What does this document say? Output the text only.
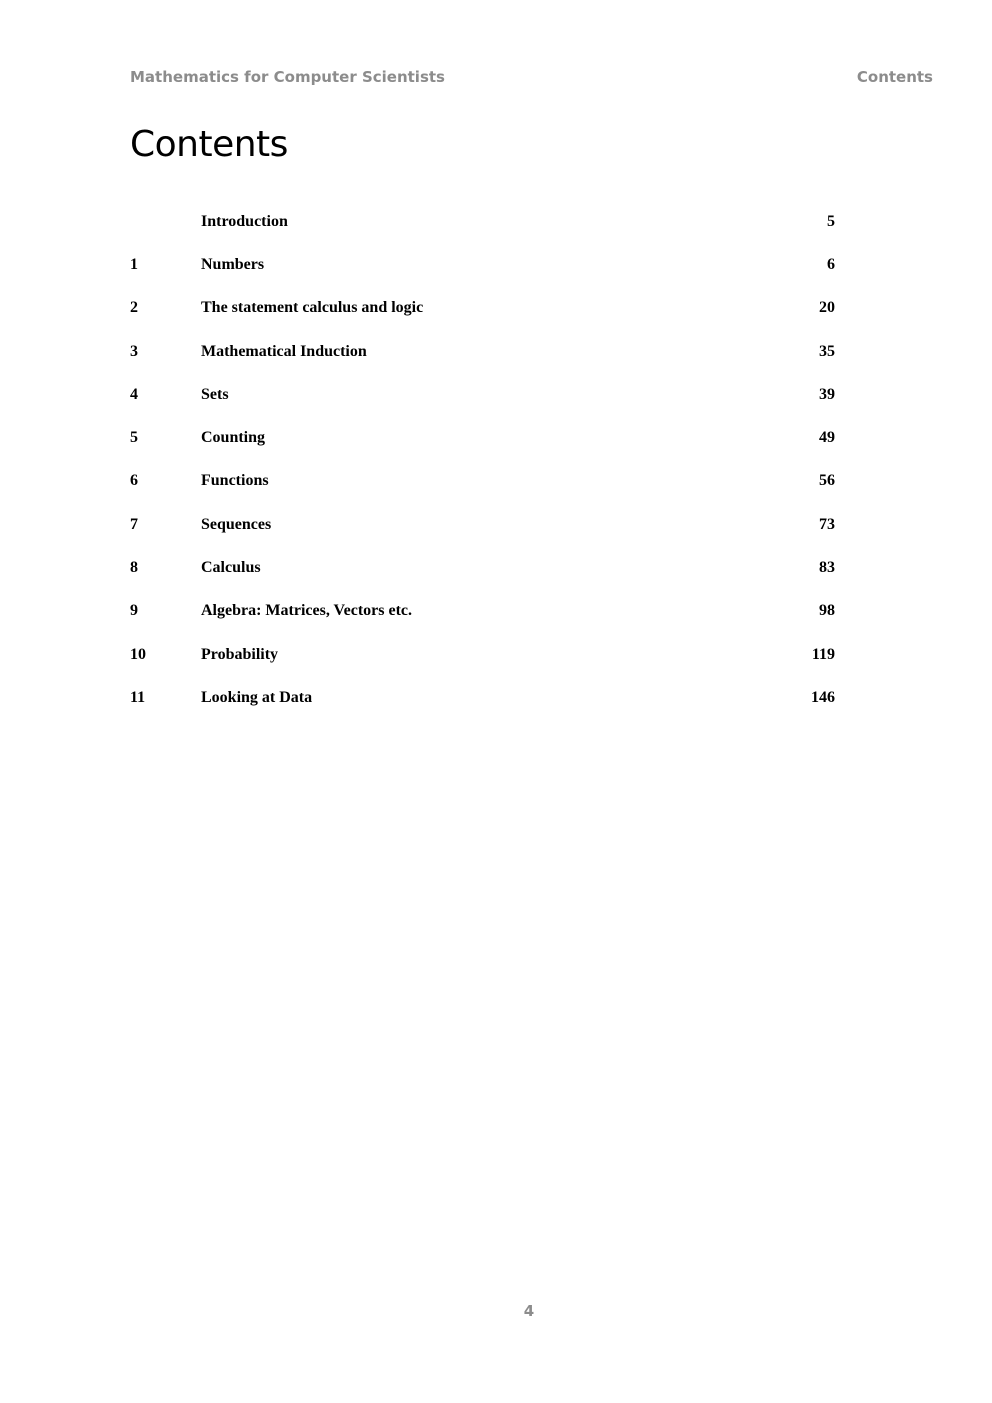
Mathematics for Computer Scientists	Contents
Contents
Introduction	5
1	Numbers	6
2	The statement calculus and logic	20
3	Mathematical Induction	35
4	Sets	39
5	Counting	49
6	Functions	56
7	Sequences	73
8	Calculus	83
9	Algebra: Matrices, Vectors etc.	98
10	Probability	119
11	Looking at Data	146
4
